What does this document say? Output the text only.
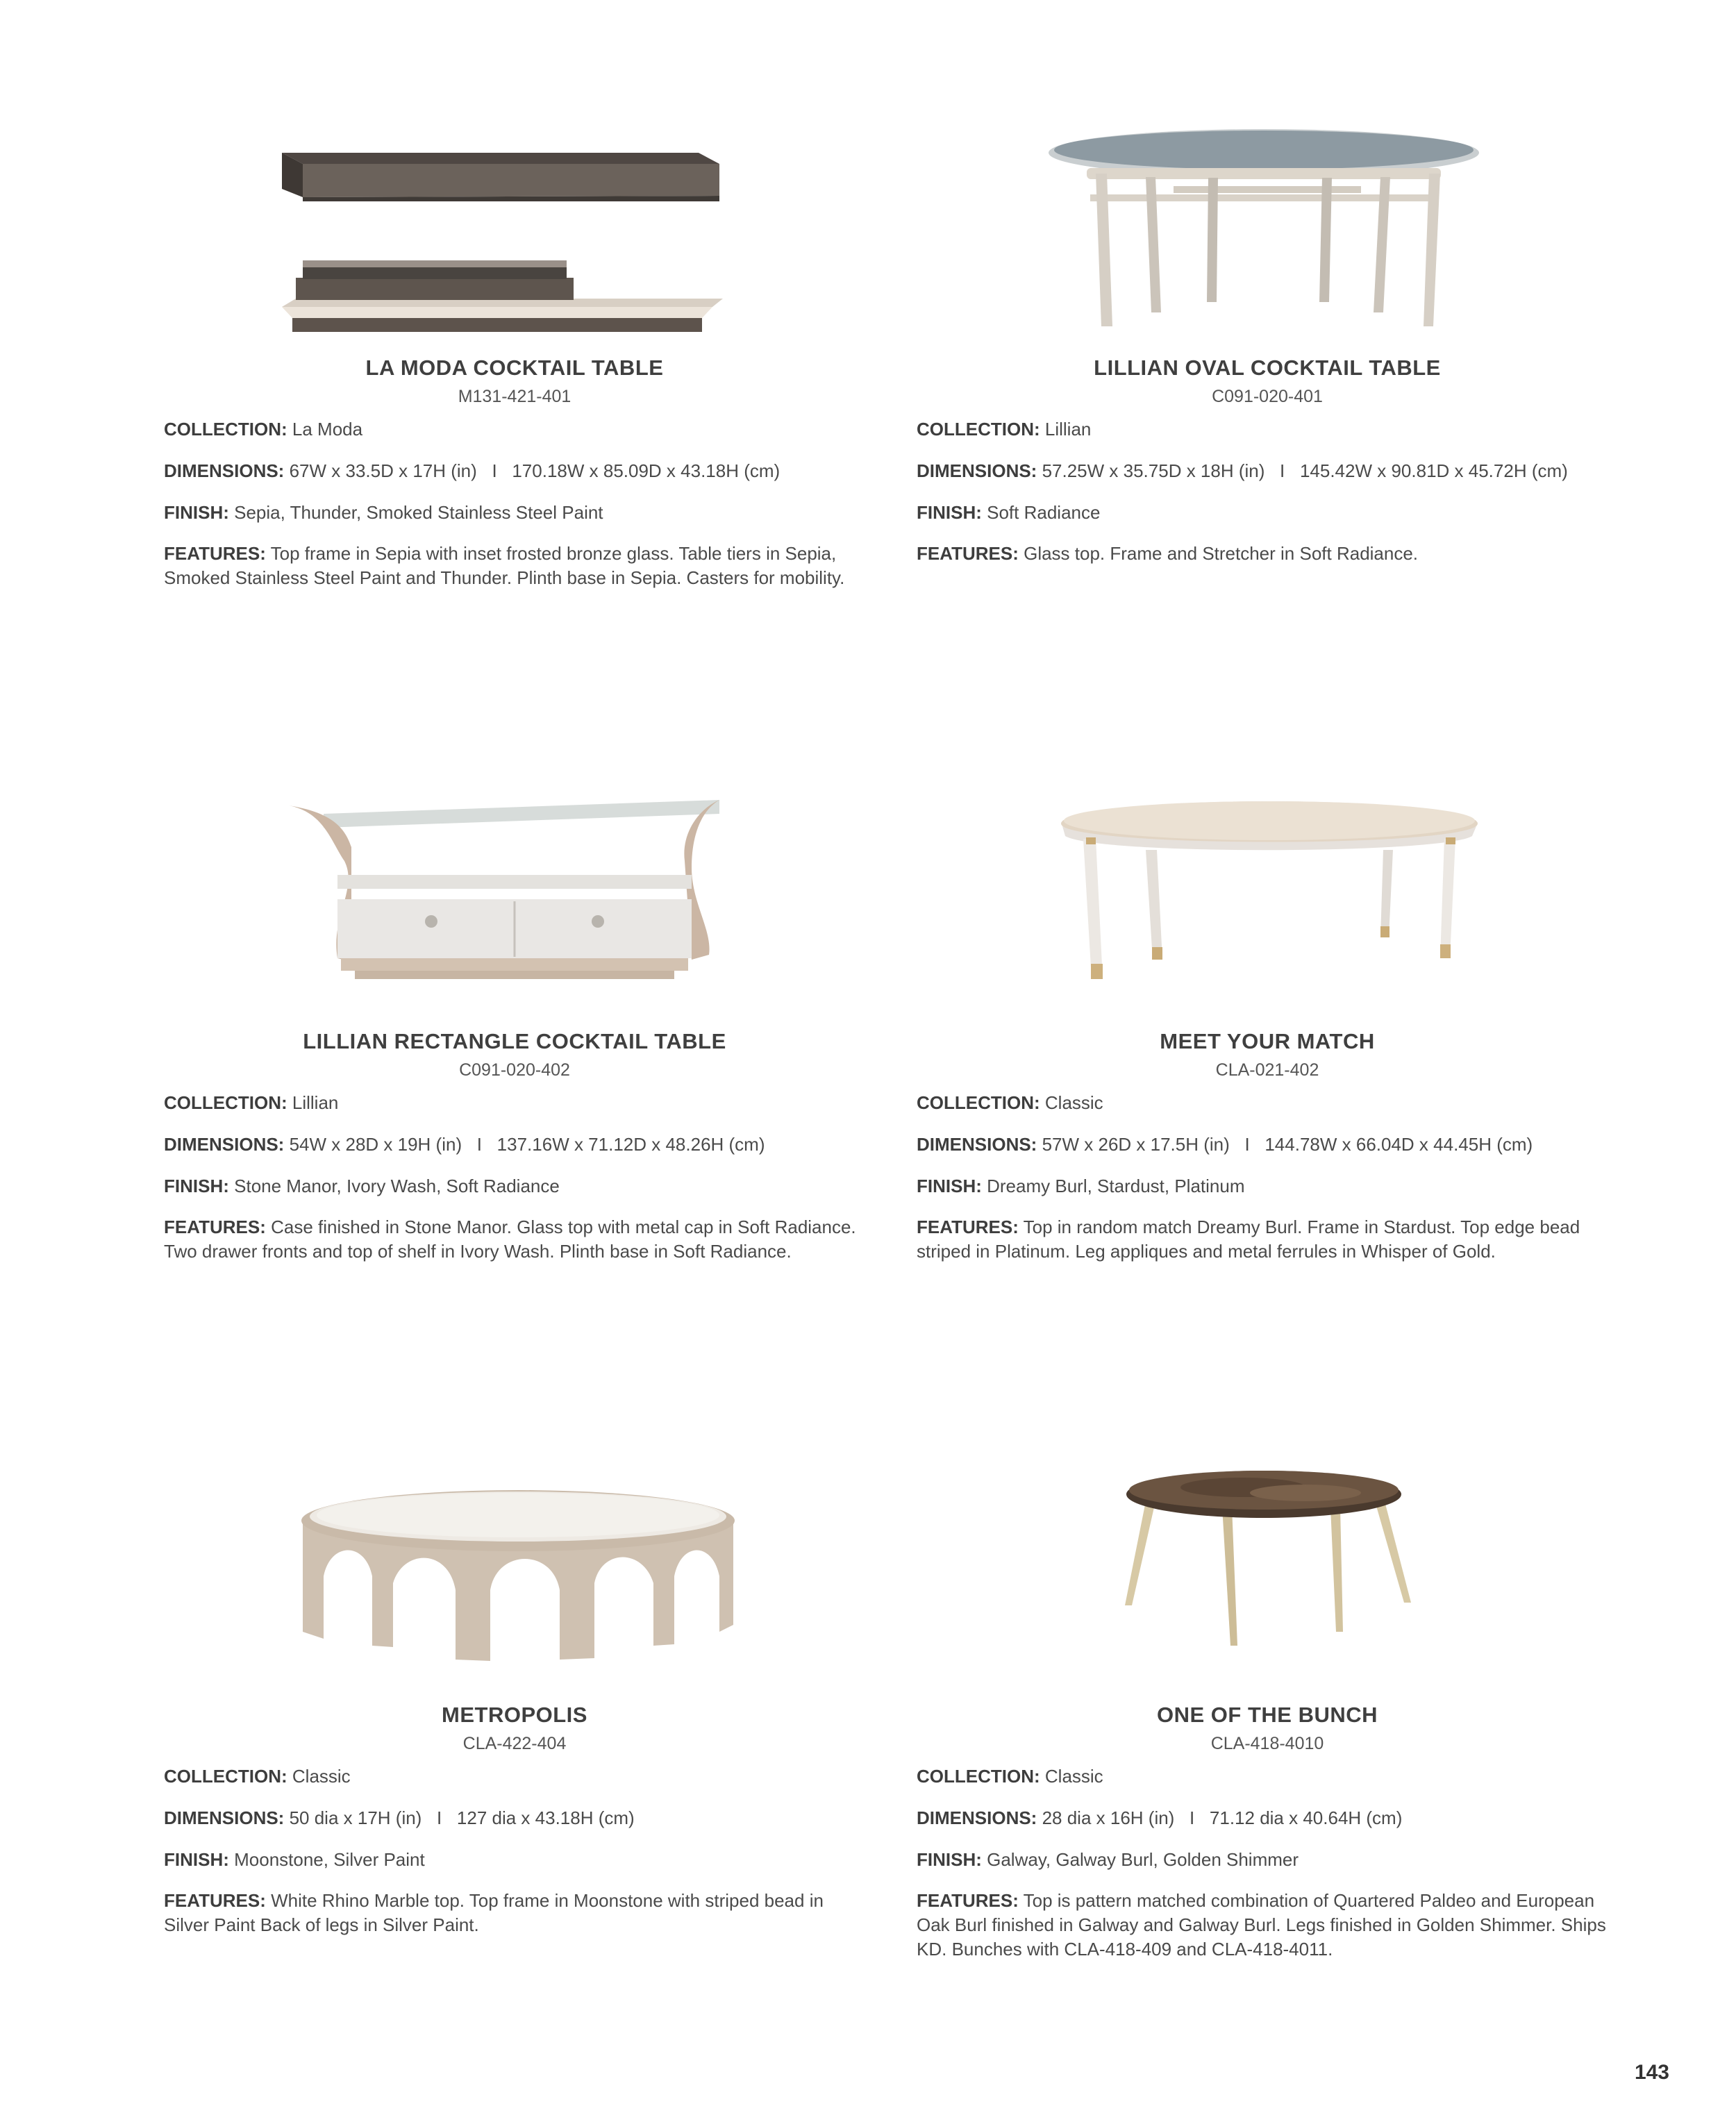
LA MODA COCKTAIL TABLE
M131-421-401
COLLECTION: La Moda
DIMENSIONS: 67W x 33.5D x 17H (in)   I   170.18W x 85.09D x 43.18H (cm)
FINISH: Sepia, Thunder, Smoked Stainless Steel Paint
FEATURES: Top frame in Sepia with inset frosted bronze glass. Table tiers in Sepia, Smoked Stainless Steel Paint and Thunder. Plinth base in Sepia. Casters for mobility.
LILLIAN OVAL COCKTAIL TABLE
C091-020-401
COLLECTION: Lillian
DIMENSIONS: 57.25W x 35.75D x 18H (in)   I   145.42W x 90.81D x 45.72H (cm)
FINISH: Soft Radiance
FEATURES: Glass top. Frame and Stretcher in Soft Radiance.
LILLIAN RECTANGLE COCKTAIL TABLE
C091-020-402
COLLECTION: Lillian
DIMENSIONS: 54W x 28D x 19H (in)   I   137.16W x 71.12D x 48.26H (cm)
FINISH: Stone Manor, Ivory Wash, Soft Radiance
FEATURES: Case finished in Stone Manor. Glass top with metal cap in Soft Radiance. Two drawer fronts and top of shelf in Ivory Wash. Plinth base in Soft Radiance.
MEET YOUR MATCH
CLA-021-402
COLLECTION: Classic
DIMENSIONS: 57W x 26D x 17.5H (in)   I   144.78W x 66.04D x 44.45H (cm)
FINISH: Dreamy Burl, Stardust, Platinum
FEATURES: Top in random match Dreamy Burl. Frame in Stardust. Top edge bead striped in Platinum. Leg appliques and metal ferrules in Whisper of Gold.
METROPOLIS
CLA-422-404
COLLECTION: Classic
DIMENSIONS: 50 dia x 17H (in)   I   127 dia x 43.18H (cm)
FINISH: Moonstone, Silver Paint
FEATURES: White Rhino Marble top. Top frame in Moonstone with striped bead in Silver Paint Back of legs in Silver Paint.
ONE OF THE BUNCH
CLA-418-4010
COLLECTION: Classic
DIMENSIONS: 28 dia x 16H (in)   I   71.12 dia x 40.64H (cm)
FINISH: Galway, Galway Burl, Golden Shimmer
FEATURES: Top is pattern matched combination of Quartered Paldeo and European Oak Burl finished in Galway and Galway Burl. Legs finished in Golden Shimmer. Ships KD. Bunches with CLA-418-409 and CLA-418-4011.
143
